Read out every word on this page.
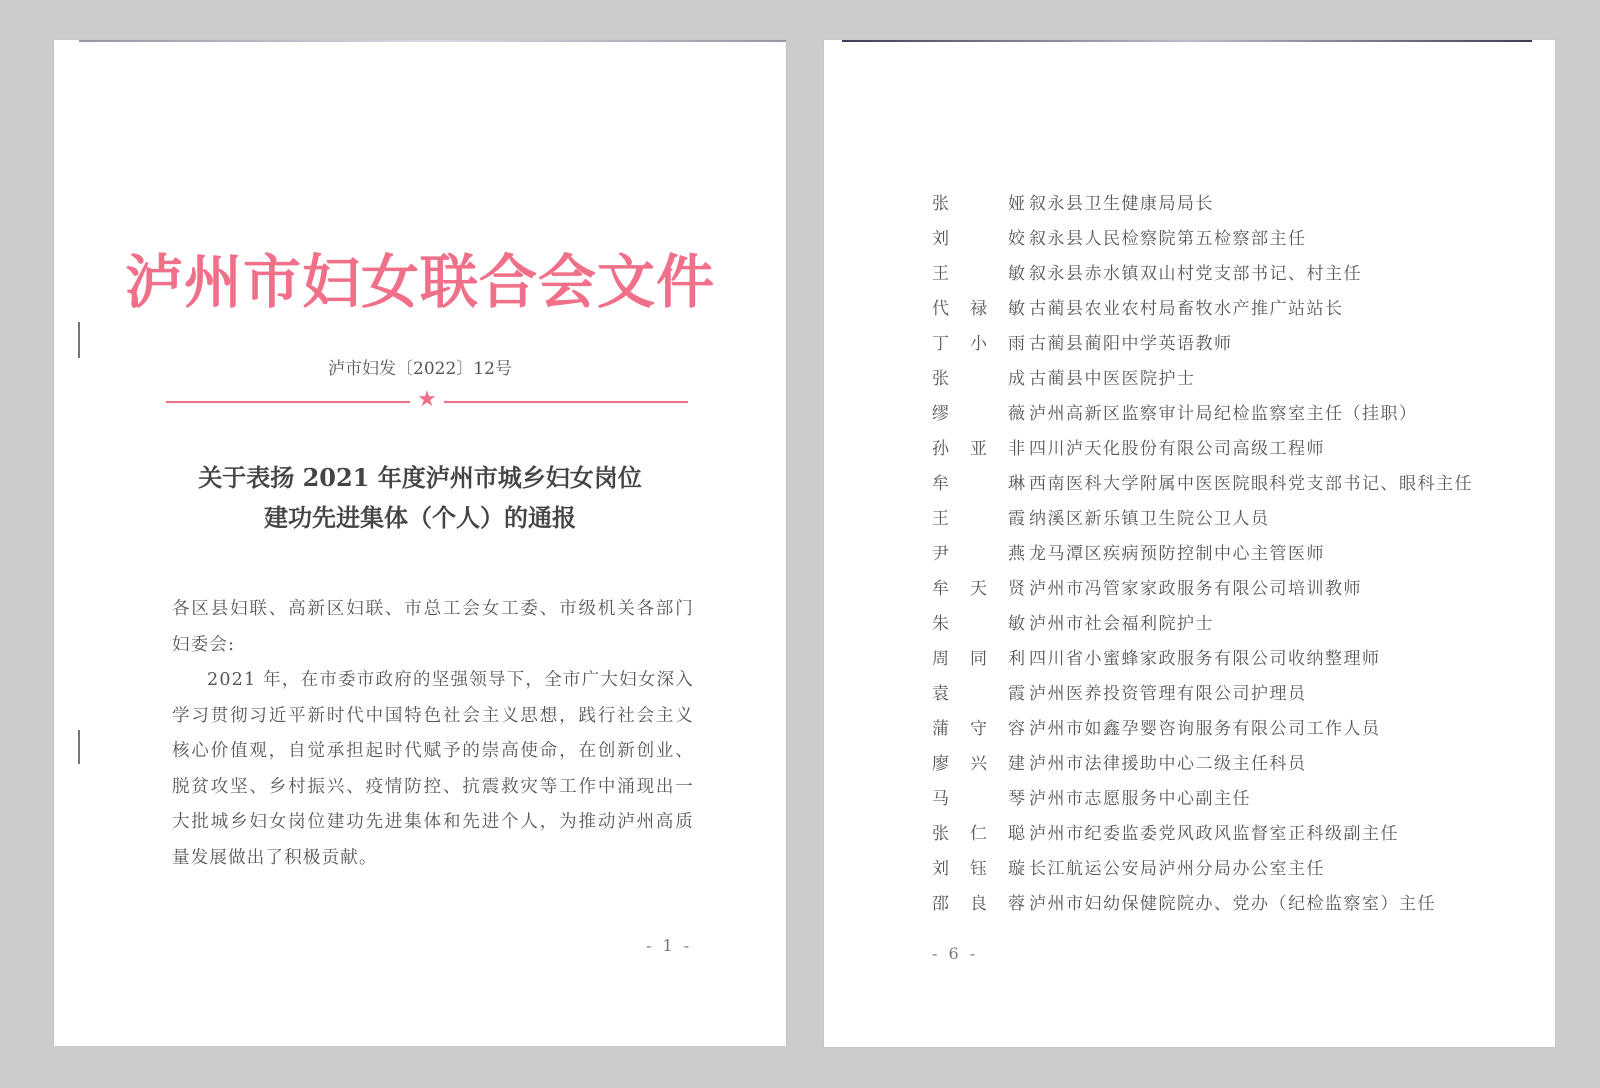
泸州市妇女联合会文件
泸市妇发〔2022〕12号
★
关于表扬 2021 年度泸州市城乡妇女岗位
建功先进集体（个人）的通报

各区县妇联、高新区妇联、市总工会女工委、市级机关各部门妇委会:

2021 年，在市委市政府的坚强领导下，全市广大妇女深入学习贯彻习近平新时代中国特色社会主义思想，践行社会主义核心价值观，自觉承担起时代赋予的崇高使命，在创新创业、脱贫攻坚、乡村振兴、疫情防控、抗震救灾等工作中涌现出一大批城乡妇女岗位建功先进集体和先进个人，为推动泸州高质量发展做出了积极贡献。

- 1 -
张　娅 叙永县卫生健康局局长
刘　姣 叙永县人民检察院第五检察部主任
王　敏 叙永县赤水镇双山村党支部书记、村主任
代禄敏 古蔺县农业农村局畜牧水产推广站站长
丁小雨 古蔺县蔺阳中学英语教师
张　成 古蔺县中医医院护士
缪　薇 泸州高新区监察审计局纪检监察室主任（挂职）
孙亚非 四川泸天化股份有限公司高级工程师
牟　琳 西南医科大学附属中医医院眼科党支部书记、眼科主任
王　霞 纳溪区新乐镇卫生院公卫人员
尹　燕 龙马潭区疾病预防控制中心主管医师
牟天贤 泸州市冯管家家政服务有限公司培训教师
朱　敏 泸州市社会福利院护士
周同利 四川省小蜜蜂家政服务有限公司收纳整理师
袁　霞 泸州医养投资管理有限公司护理员
蒲守容 泸州市如鑫孕婴咨询服务有限公司工作人员
廖兴建 泸州市法律援助中心二级主任科员
马　琴 泸州市志愿服务中心副主任
张仁聪 泸州市纪委监委党风政风监督室正科级副主任
刘钰璇 长江航运公安局泸州分局办公室主任
邵良蓉 泸州市妇幼保健院院办、党办（纪检监察室）主任
- 6 -
